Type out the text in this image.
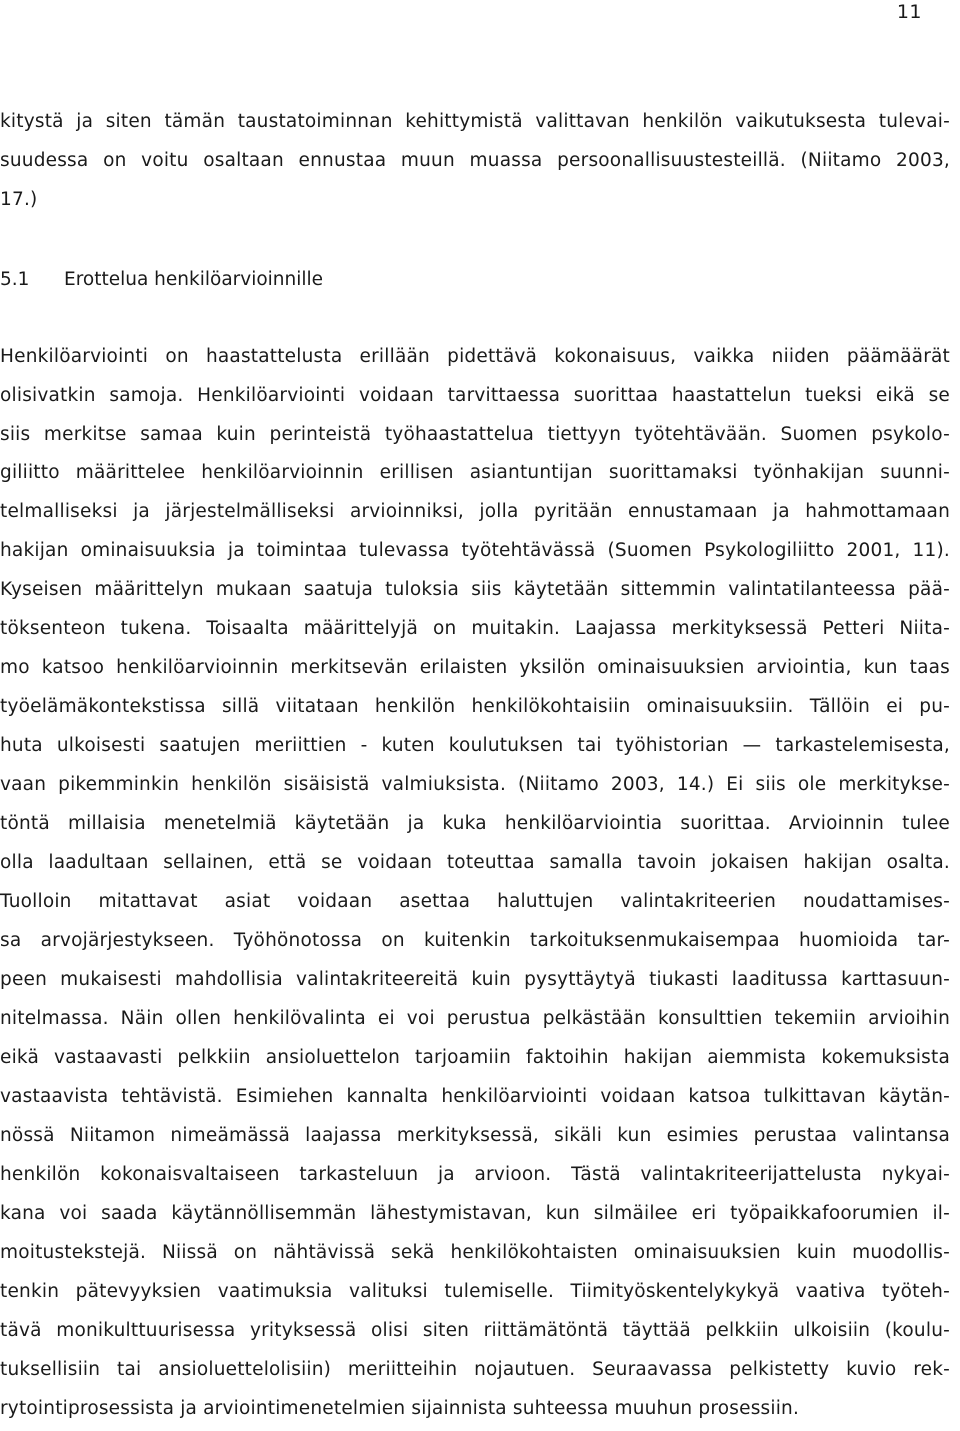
11
kitystä ja siten tämän taustatoiminnan kehittymistä valittavan henkilön vaikutuksesta tulevai-
suudessa on voitu osaltaan ennustaa muun muassa persoonallisuustesteillä. (Niitamo 2003,
17.)
5.1 Erottelua henkilöarvioinnille
Henkilöarviointi on haastattelusta erillään pidettävä kokonaisuus, vaikka niiden päämäärät
olisivatkin samoja. Henkilöarviointi voidaan tarvittaessa suorittaa haastattelun tueksi eikä se
siis merkitse samaa kuin perinteistä työhaastattelua tiettyyn työtehtävään. Suomen psykolo-
giliitto määrittelee henkilöarvioinnin erillisen asiantuntijan suorittamaksi työnhakijan suunni-
telmalliseksi ja järjestelmälliseksi arvioinniksi, jolla pyritään ennustamaan ja hahmottamaan
hakijan ominaisuuksia ja toimintaa tulevassa työtehtävässä (Suomen Psykologiliitto 2001, 11).
Kyseisen määrittelyn mukaan saatuja tuloksia siis käytetään sittemmin valintatilanteessa pää-
töksenteon tukena. Toisaalta määrittelyjä on muitakin. Laajassa merkityksessä Petteri Niita-
mo katsoo henkilöarvioinnin merkitsevän erilaisten yksilön ominaisuuksien arviointia, kun taas
työelämäkontekstissa sillä viitataan henkilön henkilökohtaisiin ominaisuuksiin. Tällöin ei pu-
huta ulkoisesti saatujen meriittien - kuten koulutuksen tai työhistorian — tarkastelemisesta,
vaan pikemminkin henkilön sisäisistä valmiuksista. (Niitamo 2003, 14.) Ei siis ole merkitykse-
töntä millaisia menetelmiä käytetään ja kuka henkilöarviointia suorittaa. Arvioinnin tulee
olla laadultaan sellainen, että se voidaan toteuttaa samalla tavoin jokaisen hakijan osalta.
Tuolloin mitattavat asiat voidaan asettaa haluttujen valintakriteerien noudattamises-
sa arvojärjestykseen. Työhönotossa on kuitenkin tarkoituksenmukaisempaa huomioida tar-
peen mukaisesti mahdollisia valintakriteereitä kuin pysyttäytyä tiukasti laaditussa karttasuun-
nitelmassa. Näin ollen henkilövalinta ei voi perustua pelkästään konsulttien tekemiin arvioihin
eikä vastaavasti pelkkiin ansioluettelon tarjoamiin faktoihin hakijan aiemmista kokemuksista
vastaavista tehtävistä. Esimiehen kannalta henkilöarviointi voidaan katsoa tulkittavan käytän-
nössä Niitamon nimeämässä laajassa merkityksessä, sikäli kun esimies perustaa valintansa
henkilön kokonaisvaltaiseen tarkasteluun ja arvioon. Tästä valintakriteerijattelusta nykyai-
kana voi saada käytännöllisemmän lähestymistavan, kun silmäilee eri työpaikkafoorumien il-
moitustekstejä. Niissä on nähtävissä sekä henkilökohtaisten ominaisuuksien kuin muodollis-
tenkin pätevyyksien vaatimuksia valituksi tulemiselle. Tiimityöskentelykykyä vaativa työteh-
tävä monikulttuurisessa yrityksessä olisi siten riittämätöntä täyttää pelkkiin ulkoisiin (koulu-
tuksellisiin tai ansioluettelolisiin) meriitteihin nojautuen. Seuraavassa pelkistetty kuvio rek-
rytointiprosessista ja arviointimenetelmien sijainnista suhteessa muuhun prosessiin.
